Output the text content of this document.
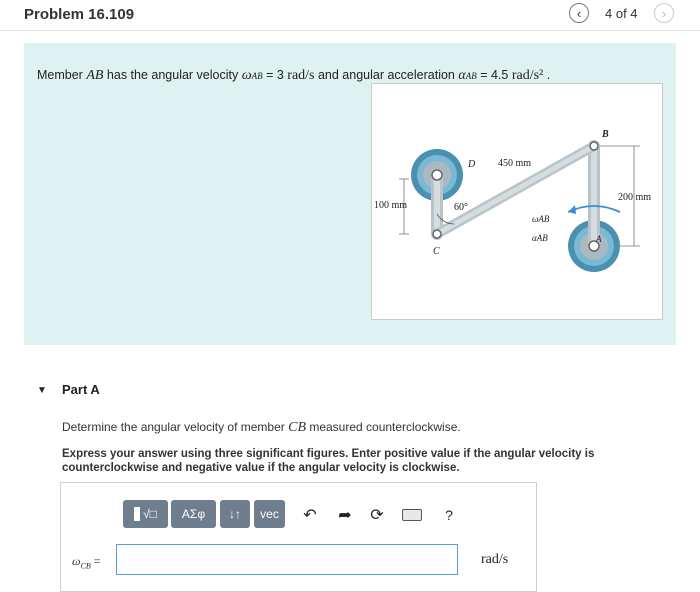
Problem 16.109	‹ 4 of 4 ›
Member AB has the angular velocity ωAB = 3 rad/s and angular acceleration αAB = 4.5 rad/s² .
B
D
C
A
450 mm
100 mm
200 mm
60°
ωAB
αAB
▼ Part A
Determine the angular velocity of member CB measured counterclockwise.
Express your answer using three significant figures. Enter positive value if the angular velocity is counterclockwise and negative value if the angular velocity is clockwise.
√□	ΑΣφ	↓↑	vec	↶ ➦ ⟳	?
$\omega_{CB}$ =	rad/s
